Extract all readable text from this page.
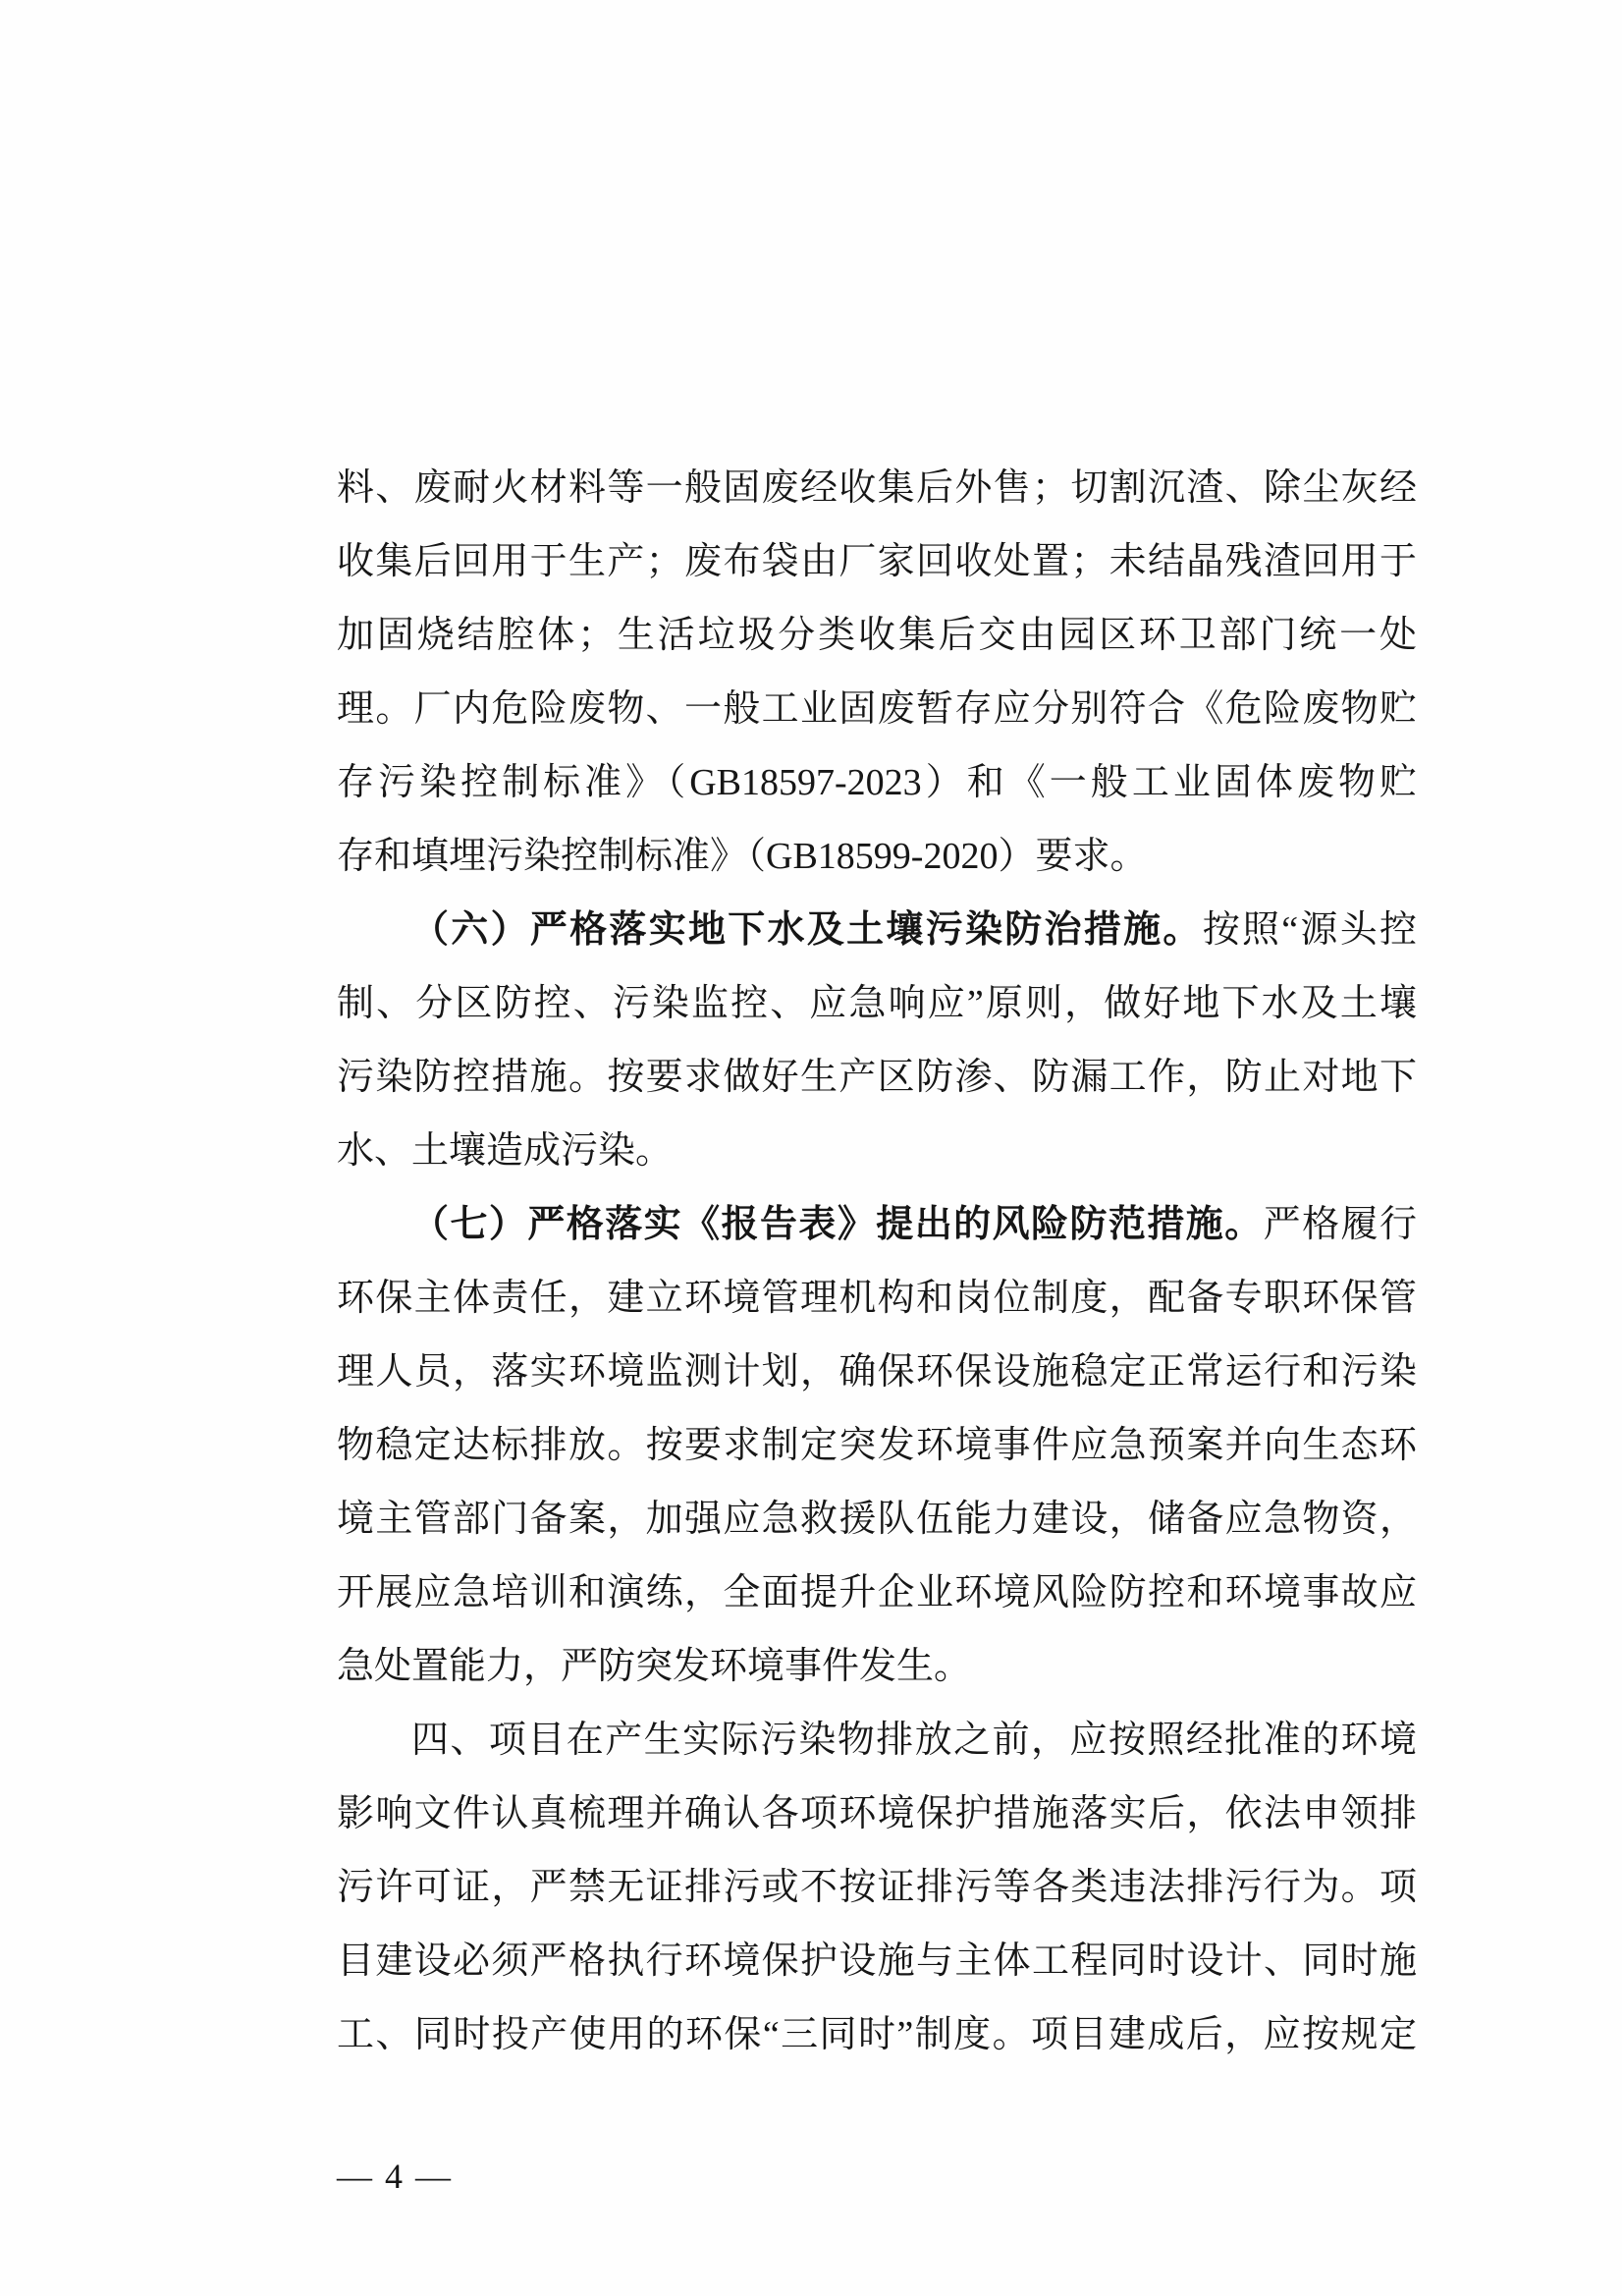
料、废耐火材料等一般固废经收集后外售；切割沉渣、除尘灰经
收集后回用于生产；废布袋由厂家回收处置；未结晶残渣回用于
加固烧结腔体；生活垃圾分类收集后交由园区环卫部门统一处
理。厂内危险废物、一般工业固废暂存应分别符合《危险废物贮
存污染控制标准》（GB18597-2023）和《一般工业固体废物贮
存和填埋污染控制标准》（GB18599-2020）要求。
（六）严格落实地下水及土壤污染防治措施。按照“源头控
制、分区防控、污染监控、应急响应”原则，做好地下水及土壤
污染防控措施。按要求做好生产区防渗、防漏工作，防止对地下
水、土壤造成污染。
（七）严格落实《报告表》提出的风险防范措施。严格履行
环保主体责任，建立环境管理机构和岗位制度，配备专职环保管
理人员，落实环境监测计划，确保环保设施稳定正常运行和污染
物稳定达标排放。按要求制定突发环境事件应急预案并向生态环
境主管部门备案，加强应急救援队伍能力建设，储备应急物资，
开展应急培训和演练，全面提升企业环境风险防控和环境事故应
急处置能力，严防突发环境事件发生。
四、项目在产生实际污染物排放之前，应按照经批准的环境
影响文件认真梳理并确认各项环境保护措施落实后，依法申领排
污许可证，严禁无证排污或不按证排污等各类违法排污行为。项
目建设必须严格执行环境保护设施与主体工程同时设计、同时施
工、同时投产使用的环保“三同时”制度。项目建成后，应按规定
— 4 —
